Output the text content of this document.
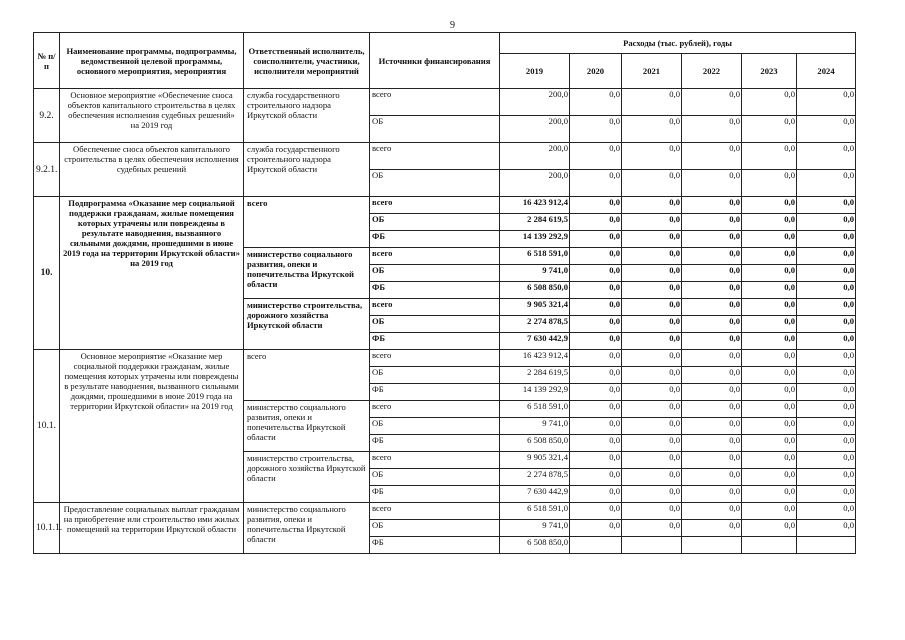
9
№ п/п	Наименование программы, подпрограммы, ведомственной целевой программы, основного мероприятия, мероприятия	Ответственный исполнитель, соисполнители, участники, исполнители мероприятий	Источники финансирования	Расходы (тыс. рублей), годы					
				2019	2020	2021	2022	2023	2024
9.2.	Основное мероприятие «Обеспечение сноса объектов капитального строительства в целях обеспечения исполнения судебных решений» на 2019 год	служба государственного строительного надзора Иркутской области	всего	200,0	0,0	0,0	0,0	0,0	0,0
			ОБ	200,0	0,0	0,0	0,0	0,0	0,0
9.2.1.	Обеспечение сноса объектов капитального строительства в целях обеспечения исполнения судебных решений	служба государственного строительного надзора Иркутской области	всего	200,0	0,0	0,0	0,0	0,0	0,0
			ОБ	200,0	0,0	0,0	0,0	0,0	0,0
10.	Подпрограмма «Оказание мер социальной поддержки гражданам, жилые помещения которых утрачены или повреждены в результате наводнения, вызванного сильными дождями, прошедшими в июне 2019 года на территории Иркутской области» на 2019 год	всего	всего	16 423 912,4	0,0	0,0	0,0	0,0	0,0
			ОБ	2 284 619,5	0,0	0,0	0,0	0,0	0,0
			ФБ	14 139 292,9	0,0	0,0	0,0	0,0	0,0
		министерство социального развития, опеки и попечительства Иркутской области	всего	6 518 591,0	0,0	0,0	0,0	0,0	0,0
			ОБ	9 741,0	0,0	0,0	0,0	0,0	0,0
			ФБ	6 508 850,0	0,0	0,0	0,0	0,0	0,0
		министерство строительства, дорожного хозяйства Иркутской области	всего	9 905 321,4	0,0	0,0	0,0	0,0	0,0
			ОБ	2 274 878,5	0,0	0,0	0,0	0,0	0,0
			ФБ	7 630 442,9	0,0	0,0	0,0	0,0	0,0
10.1.	Основное мероприятие «Оказание мер социальной поддержки гражданам, жилые помещения которых утрачены или повреждены в результате наводнения, вызванного сильными дождями, прошедшими в июне 2019 года на территории Иркутской области» на 2019 год	всего	всего	16 423 912,4	0,0	0,0	0,0	0,0	0,0
			ОБ	2 284 619,5	0,0	0,0	0,0	0,0	0,0
			ФБ	14 139 292,9	0,0	0,0	0,0	0,0	0,0
		министерство социального развития, опеки и попечительства Иркутской области	всего	6 518 591,0	0,0	0,0	0,0	0,0	0,0
			ОБ	9 741,0	0,0	0,0	0,0	0,0	0,0
			ФБ	6 508 850,0	0,0	0,0	0,0	0,0	0,0
		министерство строительства, дорожного хозяйства Иркутской области	всего	9 905 321,4	0,0	0,0	0,0	0,0	0,0
			ОБ	2 274 878,5	0,0	0,0	0,0	0,0	0,0
			ФБ	7 630 442,9	0,0	0,0	0,0	0,0	0,0
10.1.1.	Предоставление социальных выплат гражданам на приобретение или строительство ими жилых помещений на территории Иркутской области	министерство социального развития, опеки и попечительства Иркутской области	всего	6 518 591,0	0,0	0,0	0,0	0,0	0,0
			ОБ	9 741,0	0,0	0,0	0,0	0,0	0,0
			ФБ	6 508 850,0					
